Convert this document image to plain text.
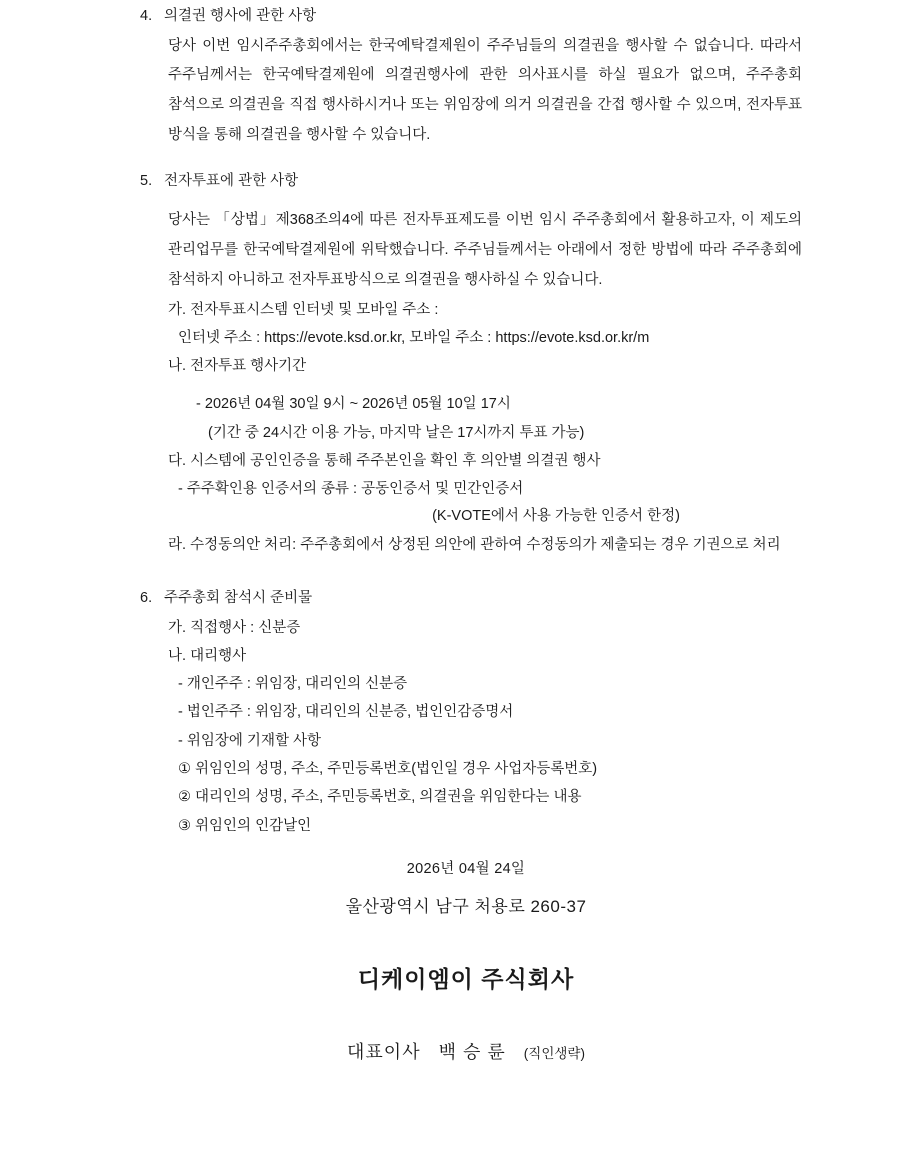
4. 의결권 행사에 관한 사항

당사 이번 임시주주총회에서는 한국예탁결제원이 주주님들의 의결권을 행사할 수 없습니다. 따라서 주주님께서는 한국예탁결제원에 의결권행사에 관한 의사표시를 하실 필요가 없으며, 주주총회 참석으로 의결권을 직접 행사하시거나 또는 위임장에 의거 의결권을 간접 행사할 수 있으며, 전자투표 방식을 통해 의결권을 행사할 수 있습니다.

5. 전자투표에 관한 사항

당사는 「상법」제368조의4에 따른 전자투표제도를 이번 임시 주주총회에서 활용하고자, 이 제도의 관리업무를 한국예탁결제원에 위탁했습니다. 주주님들께서는 아래에서 정한 방법에 따라 주주총회에 참석하지 아니하고 전자투표방식으로 의결권을 행사하실 수 있습니다.

가. 전자투표시스템 인터넷 및 모바일 주소 :
인터넷 주소 : https://evote.ksd.or.kr, 모바일 주소 : https://evote.ksd.or.kr/m
나. 전자투표 행사기간
- 2026년 04월 30일 9시 ~ 2026년 05월 10일 17시
(기간 중 24시간 이용 가능, 마지막 날은 17시까지 투표 가능)
다. 시스템에 공인인증을 통해 주주본인을 확인 후 의안별 의결권 행사
- 주주확인용 인증서의 종류 : 공동인증서 및 민간인증서
(K-VOTE에서 사용 가능한 인증서 한정)
라. 수정동의안 처리: 주주총회에서 상정된 의안에 관하여 수정동의가 제출되는 경우 기권으로 처리
6. 주주총회 참석시 준비물
가. 직접행사 : 신분증
나. 대리행사
- 개인주주 : 위임장, 대리인의 신분증
- 법인주주 : 위임장, 대리인의 신분증, 법인인감증명서
- 위임장에 기재할 사항
① 위임인의 성명, 주소, 주민등록번호(법인일 경우 사업자등록번호)
② 대리인의 성명, 주소, 주민등록번호, 의결권을 위임한다는 내용
③ 위임인의 인감날인
2026년 04월 24일
울산광역시 남구 처용로 260-37
디케이엠이 주식회사
대표이사 백 승 륜 (직인생략)
